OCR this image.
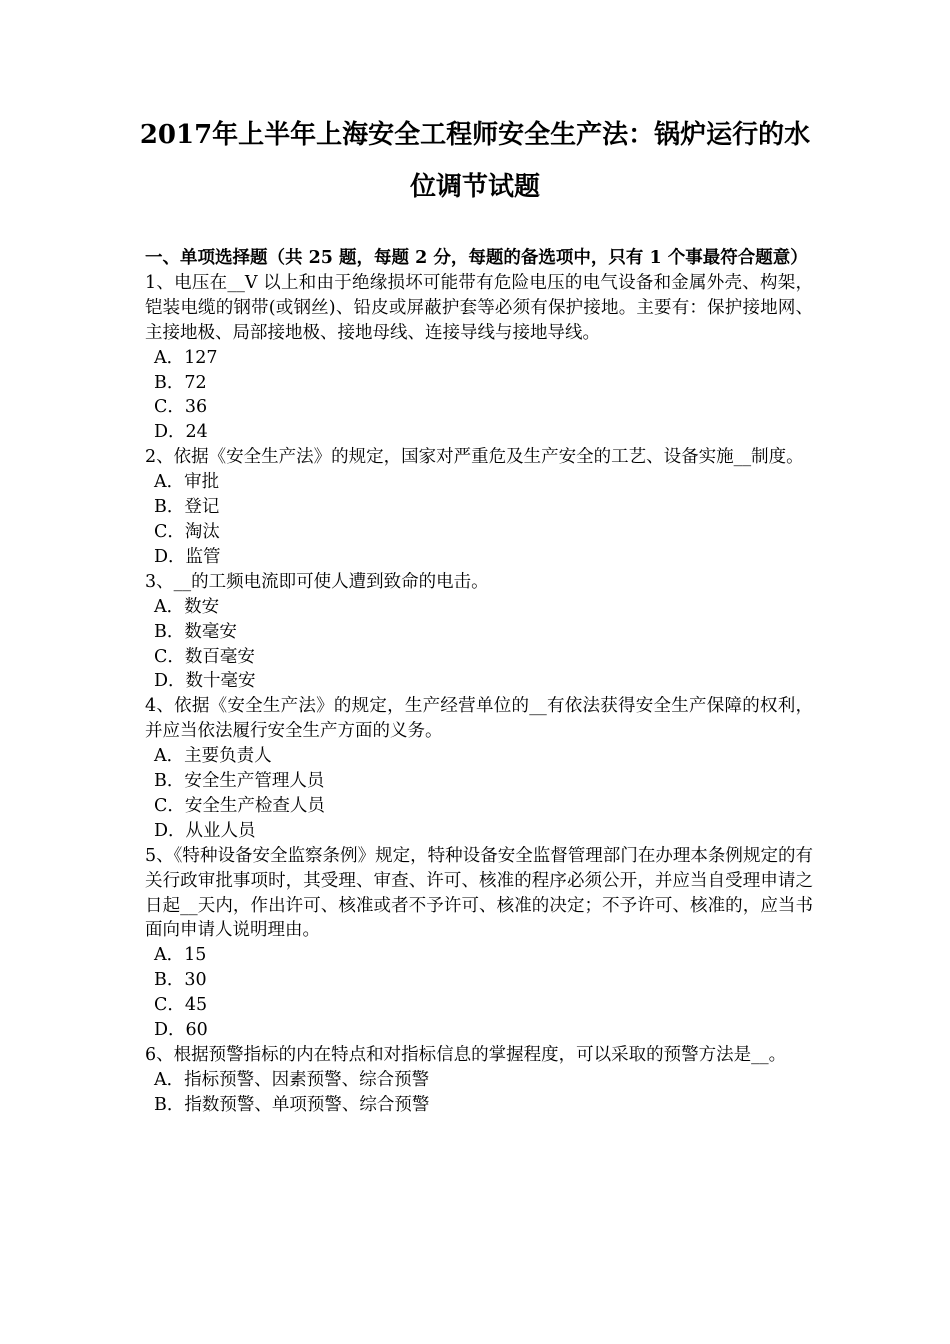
2017年上半年上海安全工程师安全生产法：锅炉运行的水
位调节试题

一、单项选择题（共 25 题，每题 2 分，每题的备选项中，只有 1 个事最符合题意）

1、电压在__V 以上和由于绝缘损坏可能带有危险电压的电气设备和金属外壳、构架，铠装电缆的钢带(或钢丝)、铅皮或屏蔽护套等必须有保护接地。主要有：保护接地网、主接地极、局部接地极、接地母线、连接导线与接地导线。

A．127
B．72
C．36
D．24

2、依据《安全生产法》的规定，国家对严重危及生产安全的工艺、设备实施__制度。

A．审批
B．登记
C．淘汰
D．监管

3、__的工频电流即可使人遭到致命的电击。

A．数安
B．数毫安
C．数百毫安
D．数十毫安

4、依据《安全生产法》的规定，生产经营单位的__有依法获得安全生产保障的权利，并应当依法履行安全生产方面的义务。

A．主要负责人
B．安全生产管理人员
C．安全生产检查人员
D．从业人员

5、《特种设备安全监察条例》规定，特种设备安全监督管理部门在办理本条例规定的有关行政审批事项时，其受理、审查、许可、核准的程序必须公开，并应当自受理申请之日起__天内，作出许可、核准或者不予许可、核准的决定；不予许可、核准的，应当书面向申请人说明理由。

A．15
B．30
C．45
D．60

6、根据预警指标的内在特点和对指标信息的掌握程度，可以采取的预警方法是__。

A．指标预警、因素预警、综合预警
B．指数预警、单项预警、综合预警
